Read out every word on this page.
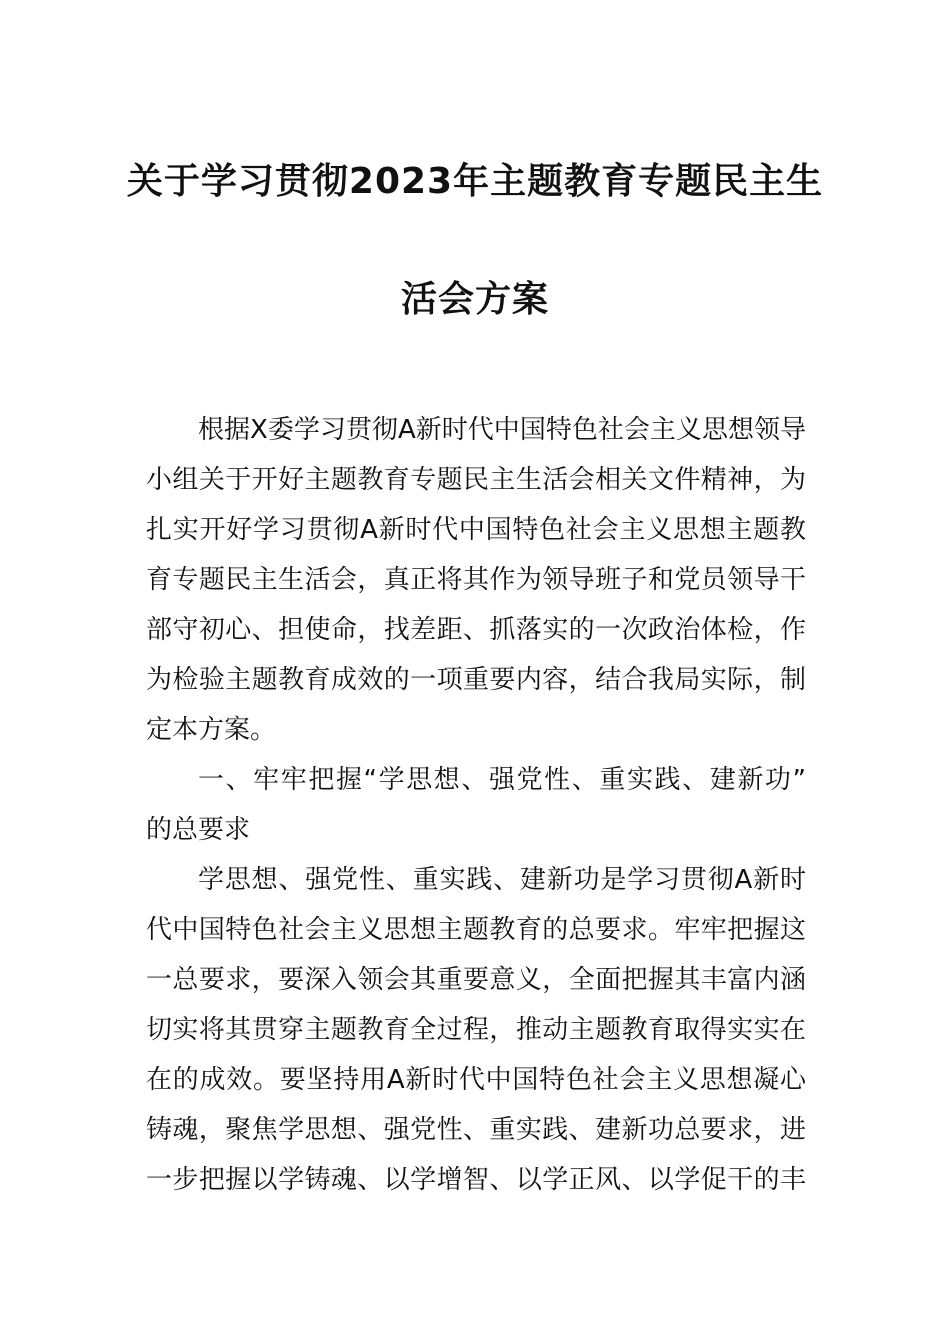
关于学习贯彻2023年主题教育专题民主生
活会方案
根据X委学习贯彻A新时代中国特色社会主义思想领导
小组关于开好主题教育专题民主生活会相关文件精神，为
扎实开好学习贯彻A新时代中国特色社会主义思想主题教
育专题民主生活会，真正将其作为领导班子和党员领导干
部守初心、担使命，找差距、抓落实的一次政治体检，作
为检验主题教育成效的一项重要内容，结合我局实际，制
定本方案。
一、牢牢把握“学思想、强党性、重实践、建新功”
的总要求
学思想、强党性、重实践、建新功是学习贯彻A新时
代中国特色社会主义思想主题教育的总要求。牢牢把握这
一总要求，要深入领会其重要意义，全面把握其丰富内涵
切实将其贯穿主题教育全过程，推动主题教育取得实实在
在的成效。要坚持用A新时代中国特色社会主义思想凝心
铸魂，聚焦学思想、强党性、重实践、建新功总要求，进
一步把握以学铸魂、以学增智、以学正风、以学促干的丰
